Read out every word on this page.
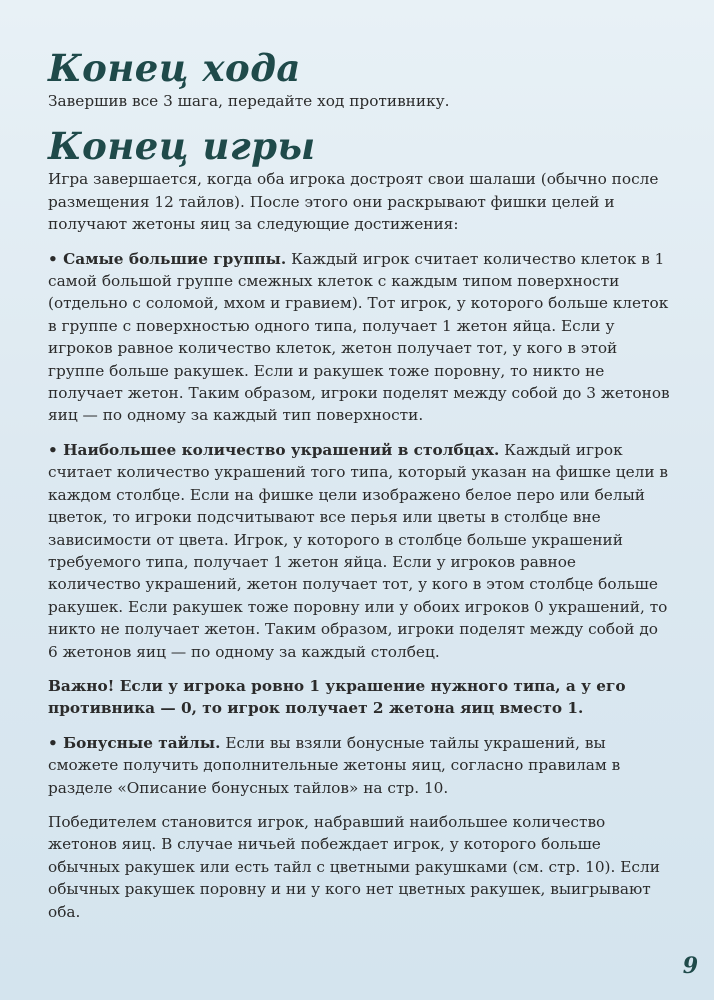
Конец хода

Завершив все 3 шага, передайте ход противнику.

Конец игры

Игра завершается, когда оба игрока достроят свои шалаши (обычно после размещения 12 тайлов). После этого они раскрывают фишки целей и получают жетоны яиц за следующие достижения:

• Самые большие группы. Каждый игрок считает количество клеток в 1 самой большой группе смежных клеток с каждым типом поверхности (отдельно с соломой, мхом и гравием). Тот игрок, у которого больше клеток в группе с поверхностью одного типа, получает 1 жетон яйца. Если у игроков равное количество клеток, жетон получает тот, у кого в этой группе больше ракушек. Если и ракушек тоже поровну, то никто не получает жетон. Таким образом, игроки поделят между собой до 3 жетонов яиц — по одному за каждый тип поверхности.

• Наибольшее количество украшений в столбцах. Каждый игрок считает количество украшений того типа, который указан на фишке цели в каждом столбце. Если на фишке цели изображено белое перо или белый цветок, то игроки подсчитывают все перья или цветы в столбце вне зависимости от цвета. Игрок, у которого в столбце больше украшений требуемого типа, получает 1 жетон яйца. Если у игроков равное количество украшений, жетон получает тот, у кого в этом столбце больше ракушек. Если ракушек тоже поровну или у обоих игроков 0 украшений, то никто не получает жетон. Таким образом, игроки поделят между собой до 6 жетонов яиц — по одному за каждый столбец.

Важно! Если у игрока ровно 1 украшение нужного типа, а у его противника — 0, то игрок получает 2 жетона яиц вместо 1.

• Бонусные тайлы. Если вы взяли бонусные тайлы украшений, вы сможете получить дополнительные жетоны яиц, согласно правилам в разделе «Описание бонусных тайлов» на стр. 10.

Победителем становится игрок, набравший наибольшее количество жетонов яиц. В случае ничьей побеждает игрок, у которого больше обычных ракушек или есть тайл с цветными ракушками (см. стр. 10). Если обычных ракушек поровну и ни у кого нет цветных ракушек, выигрывают оба.

9
